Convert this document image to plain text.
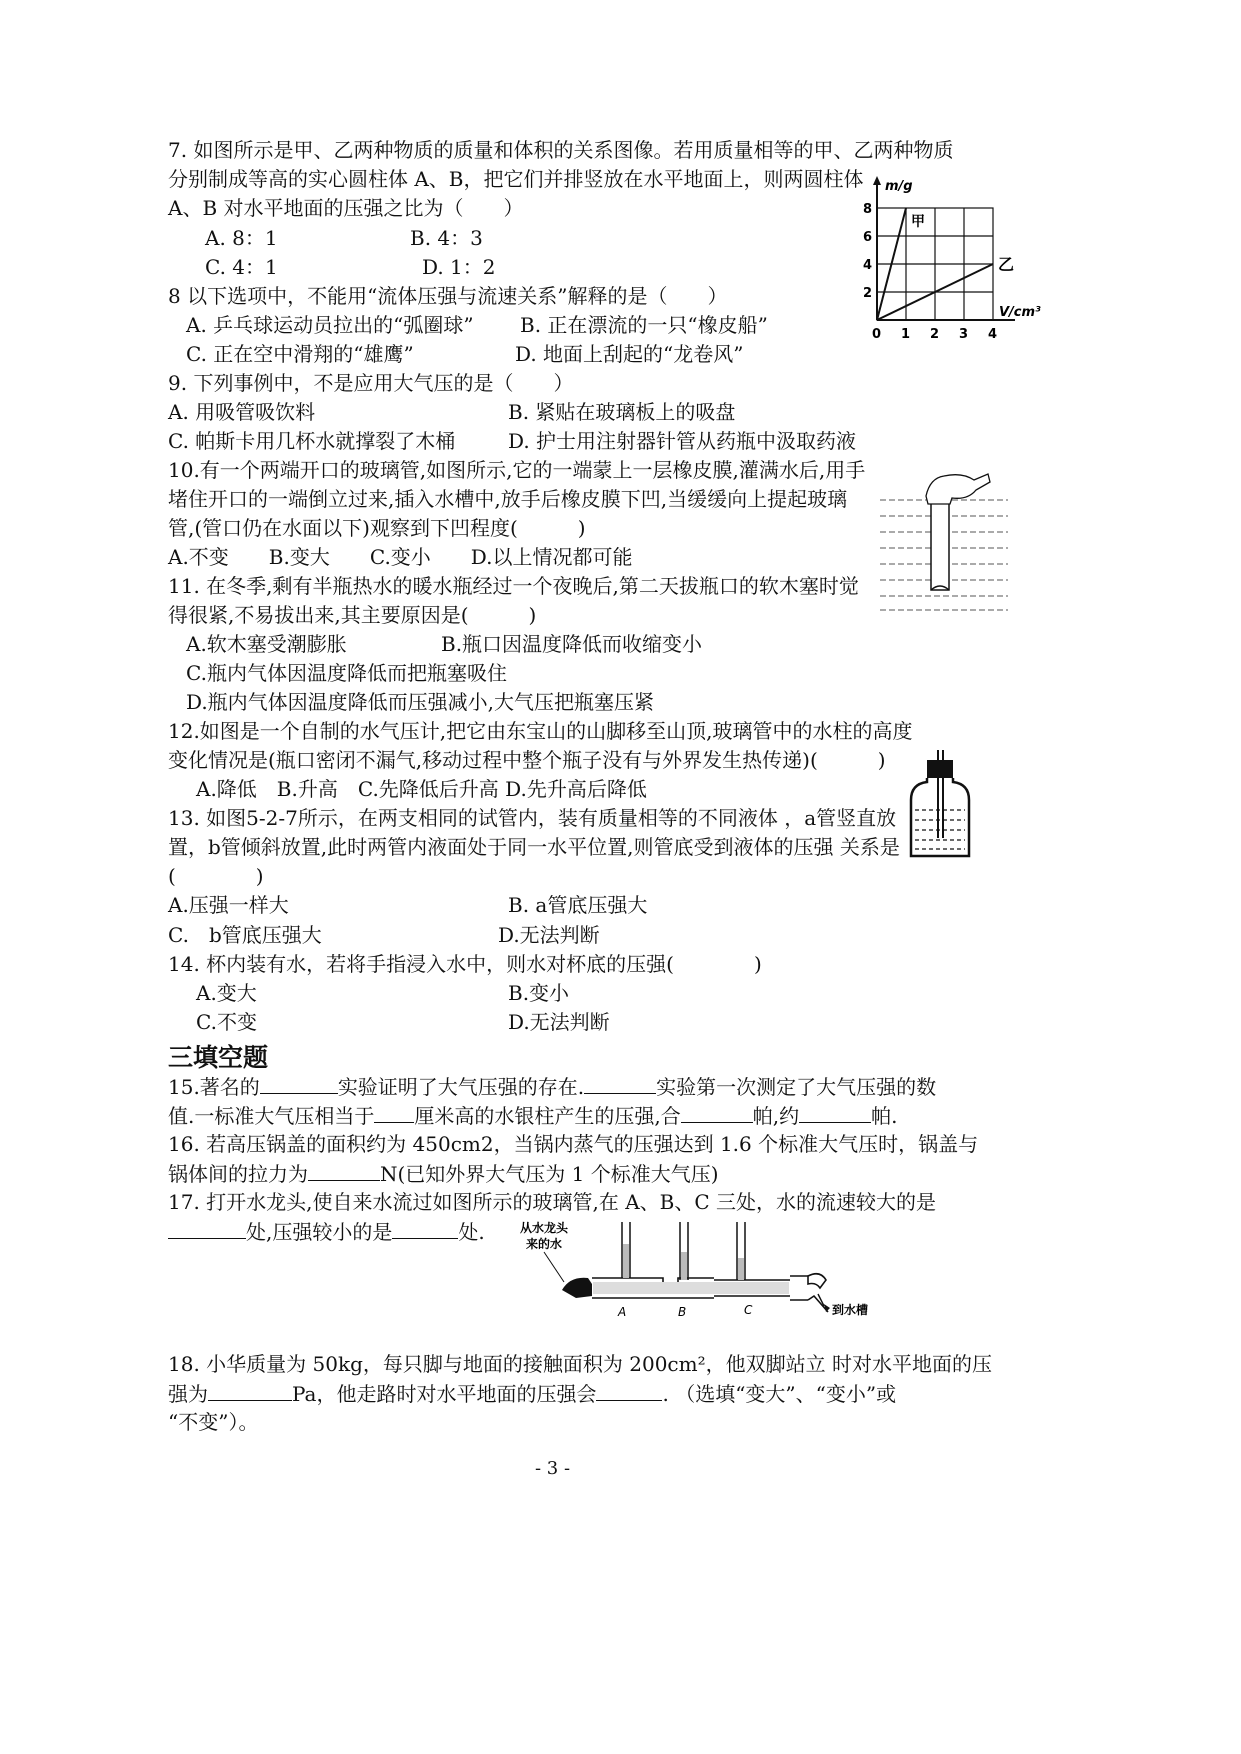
7. 如图所示是甲、乙两种物质的质量和体积的关系图像。若用质量相等的甲、乙两种物质
分别制成等高的实心圆柱体 A、B，把它们并排竖放在水平地面上，则两圆柱体
A、B 对水平地面的压强之比为（　　）
A. 8：1	B. 4：3
C. 4：1	D. 1：2
m/g
甲
乙
V/cm³
8
6
4
2
0 1 2 3 4
8 以下选项中，不能用“流体压强与流速关系”解释的是（　　）
A. 乒乓球运动员拉出的“弧圈球” B. 正在漂流的一只“橡皮船”
C. 正在空中滑翔的“雄鹰”	D. 地面上刮起的“龙卷风”
9. 下列事例中，不是应用大气压的是（　　）
A. 用吸管吸饮料	B. 紧贴在玻璃板上的吸盘
C. 帕斯卡用几杯水就撑裂了木桶	D. 护士用注射器针管从药瓶中汲取药液
10.有一个两端开口的玻璃管,如图所示,它的一端蒙上一层橡皮膜,灌满水后,用手
堵住开口的一端倒立过来,插入水槽中,放手后橡皮膜下凹,当缓缓向上提起玻璃
管,(管口仍在水面以下)观察到下凹程度(　　　)
A.不变　　B.变大　　C.变小　　D.以上情况都可能
11. 在冬季,剩有半瓶热水的暖水瓶经过一个夜晚后,第二天拔瓶口的软木塞时觉
得很紧,不易拔出来,其主要原因是(　　　)
A.软木塞受潮膨胀	B.瓶口因温度降低而收缩变小
C.瓶内气体因温度降低而把瓶塞吸住
D.瓶内气体因温度降低而压强减小,大气压把瓶塞压紧
12.如图是一个自制的水气压计,把它由东宝山的山脚移至山顶,玻璃管中的水柱的高度
变化情况是(瓶口密闭不漏气,移动过程中整个瓶子没有与外界发生热传递)(　　　)
A.降低　B.升高　C.先降低后升高 D.先升高后降低
13. 如图5-2-7所示，在两支相同的试管内，装有质量相等的不同液体 ，a管竖直放
置，b管倾斜放置,此时两管内液面处于同一水平位置,则管底受到液体的压强 关系是
(　　　　)
A.压强一样大	B. a管底压强大
C.　b管底压强大	D.无法判断
14. 杯内装有水，若将手指浸入水中，则水对杯底的压强(　　　　)
A.变大	B.变小
C.不变	D.无法判断
三填空题
15.著名的	实验证明了大气压强的存在.	实验第一次测定了大气压强的数
值.一标准大气压相当于 厘米高的水银柱产生的压强,合	帕,约	帕.
16. 若高压锅盖的面积约为 450cm2，当锅内蒸气的压强达到 1.6 个标准大气压时，锅盖与
锅体间的拉力为	N(已知外界大气压为 1 个标准大气压)
17. 打开水龙头,使自来水流过如图所示的玻璃管,在 A、B、C 三处，水的流速较大的是
处,压强较小的是	处.	从水龙头
来的水
A	B	C	到水槽
18. 小华质量为 50kg，每只脚与地面的接触面积为 200cm²，他双脚站立 时对水平地面的压
强为	Pa，他走路时对水平地面的压强会	. （选填“变大”、“变小”或
“不变”）。
- 3 -
